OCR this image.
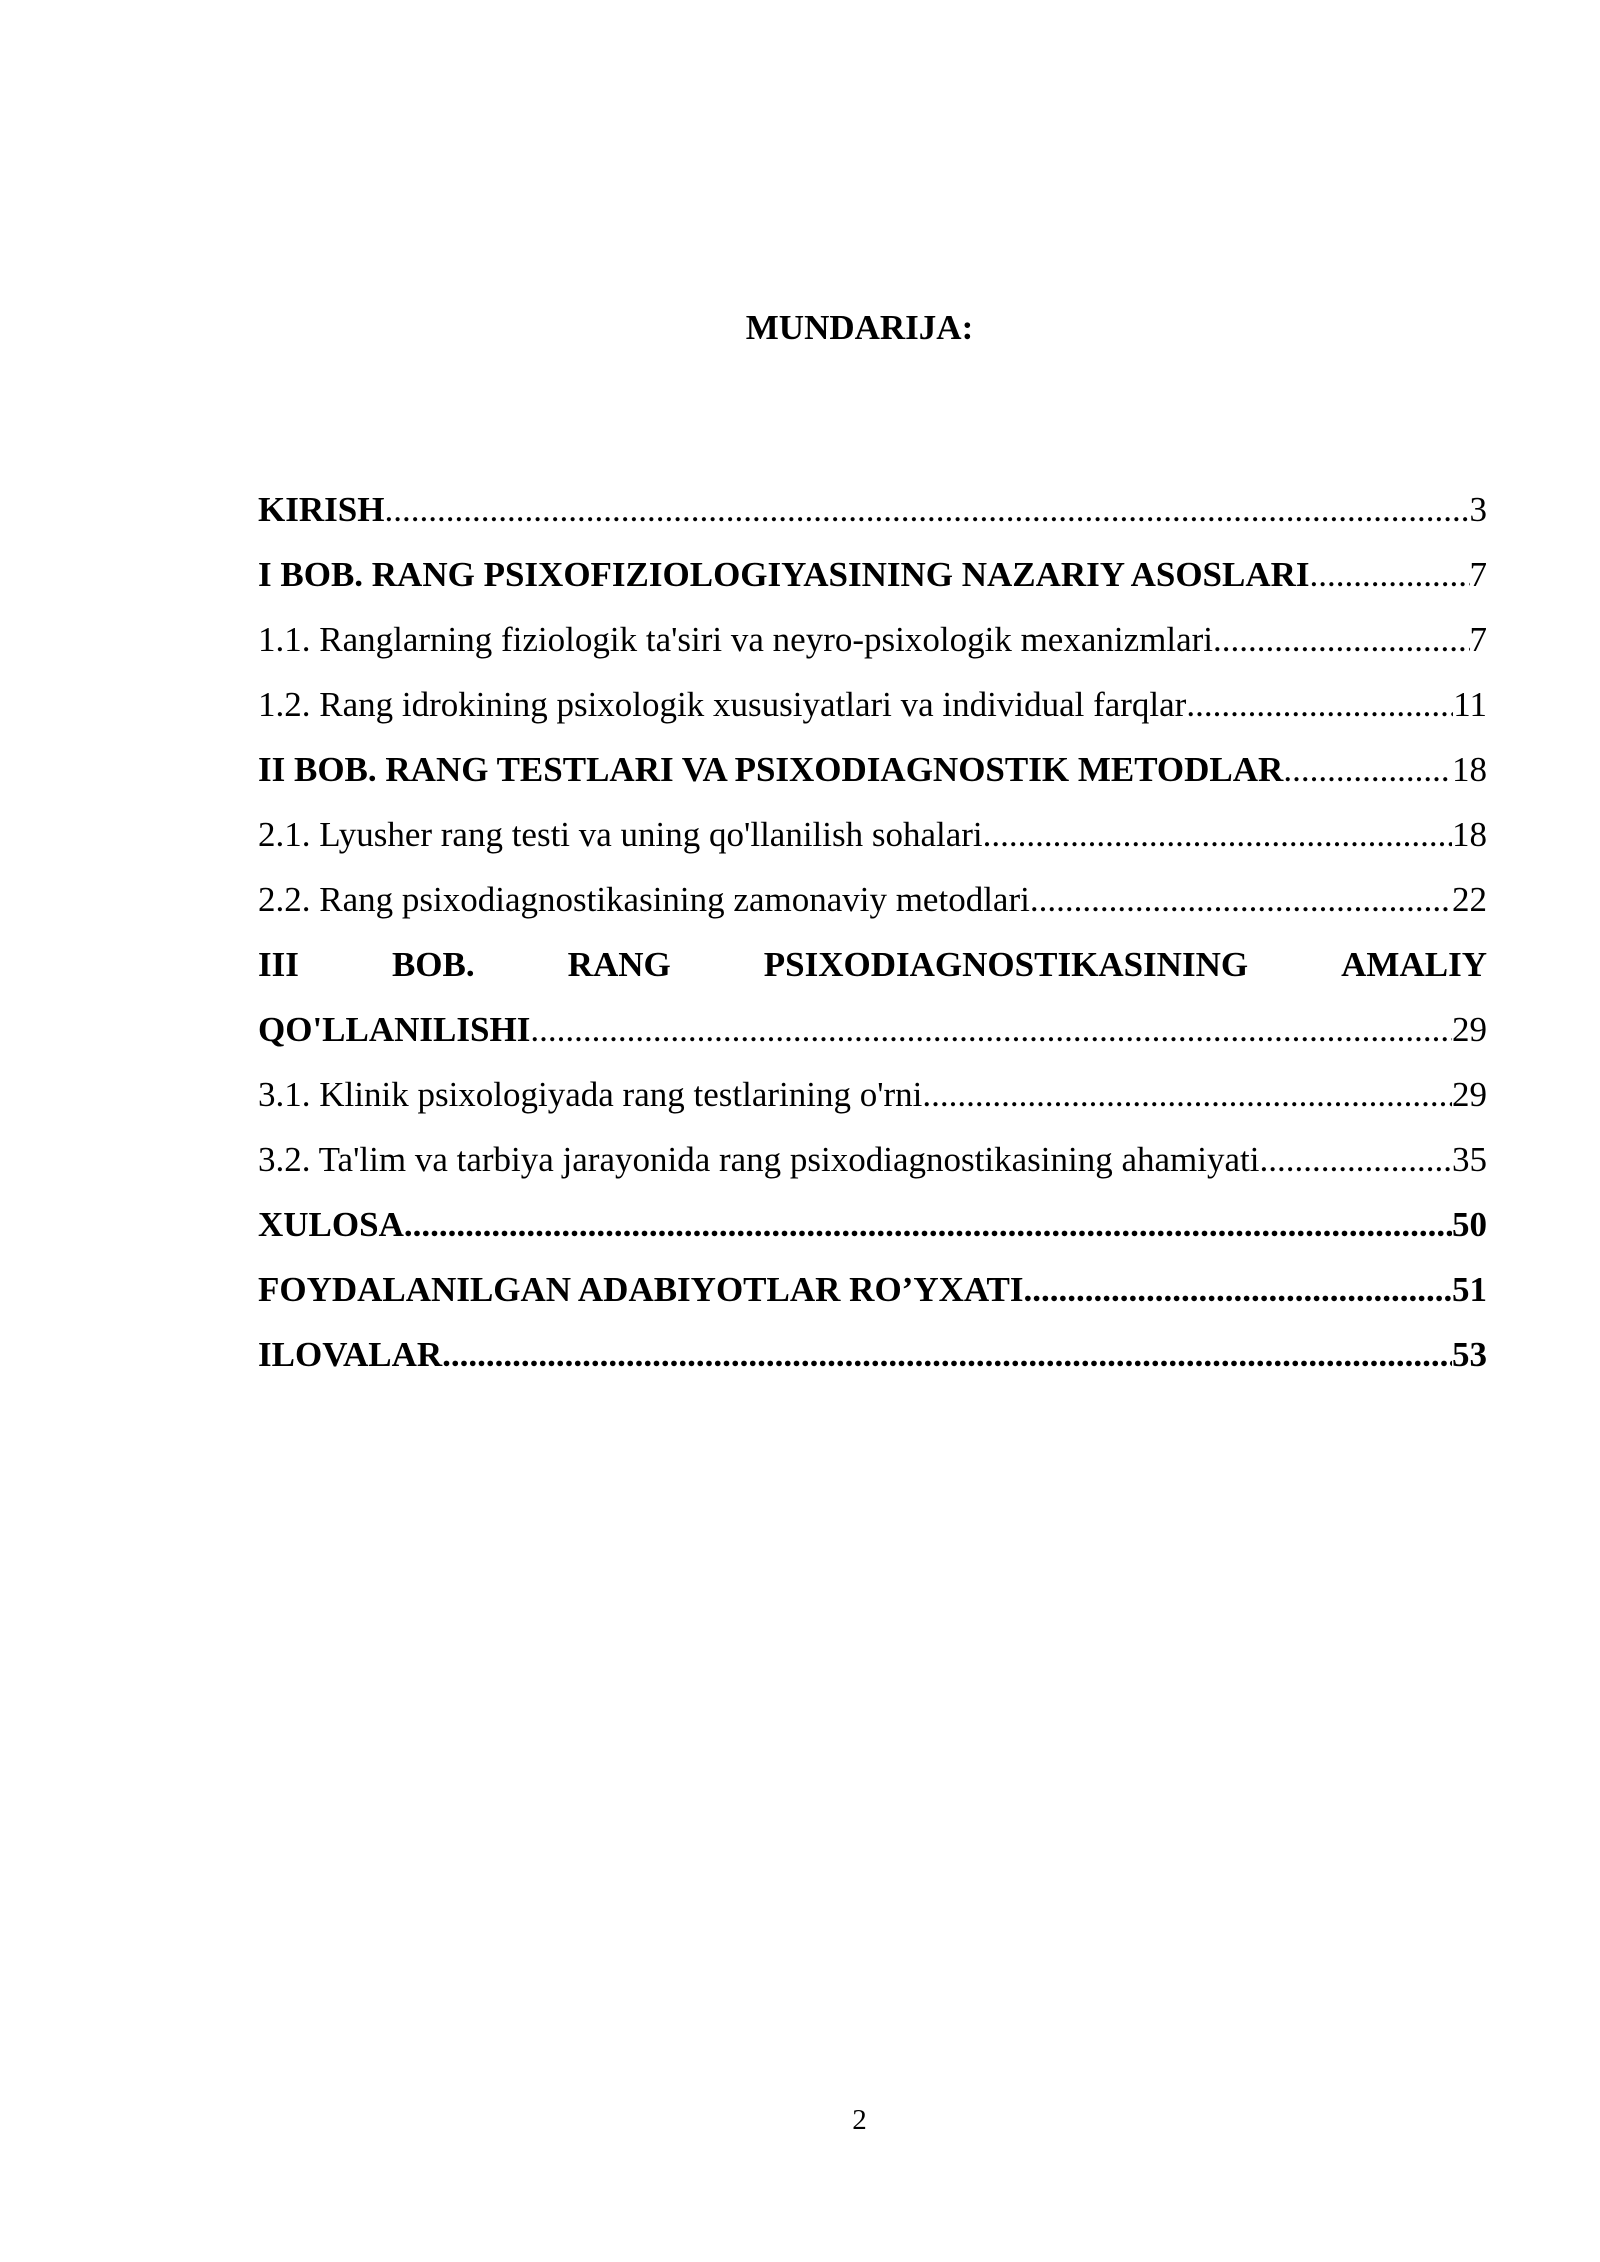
MUNDARIJA:
KIRISH .....	3
I BOB. RANG PSIXOFIZIOLOGIYASINING NAZARIY ASOSLARI .....	7
1.1. Ranglarning fiziologik ta'siri va neyro-psixologik mexanizmlari .....	7
1.2. Rang idrokining psixologik xususiyatlari va individual farqlar .....	11
II BOB. RANG TESTLARI VA PSIXODIAGNOSTIK METODLAR .....	18
2.1. Lyusher rang testi va uning qo'llanilish sohalari .....	18
2.2. Rang psixodiagnostikasining zamonaviy metodlari .....	22
III	BOB.	RANG	PSIXODIAGNOSTIKASINING	AMALIY
QO'LLANILISHI .....	29
3.1. Klinik psixologiyada rang testlarining o'rni .....	29
3.2. Ta'lim va tarbiya jarayonida rang psixodiagnostikasining ahamiyati .....	35
XULOSA .....	50
FOYDALANILGAN ADABIYOTLAR RO’YXATI .....	51
ILOVALAR .....	53
2
